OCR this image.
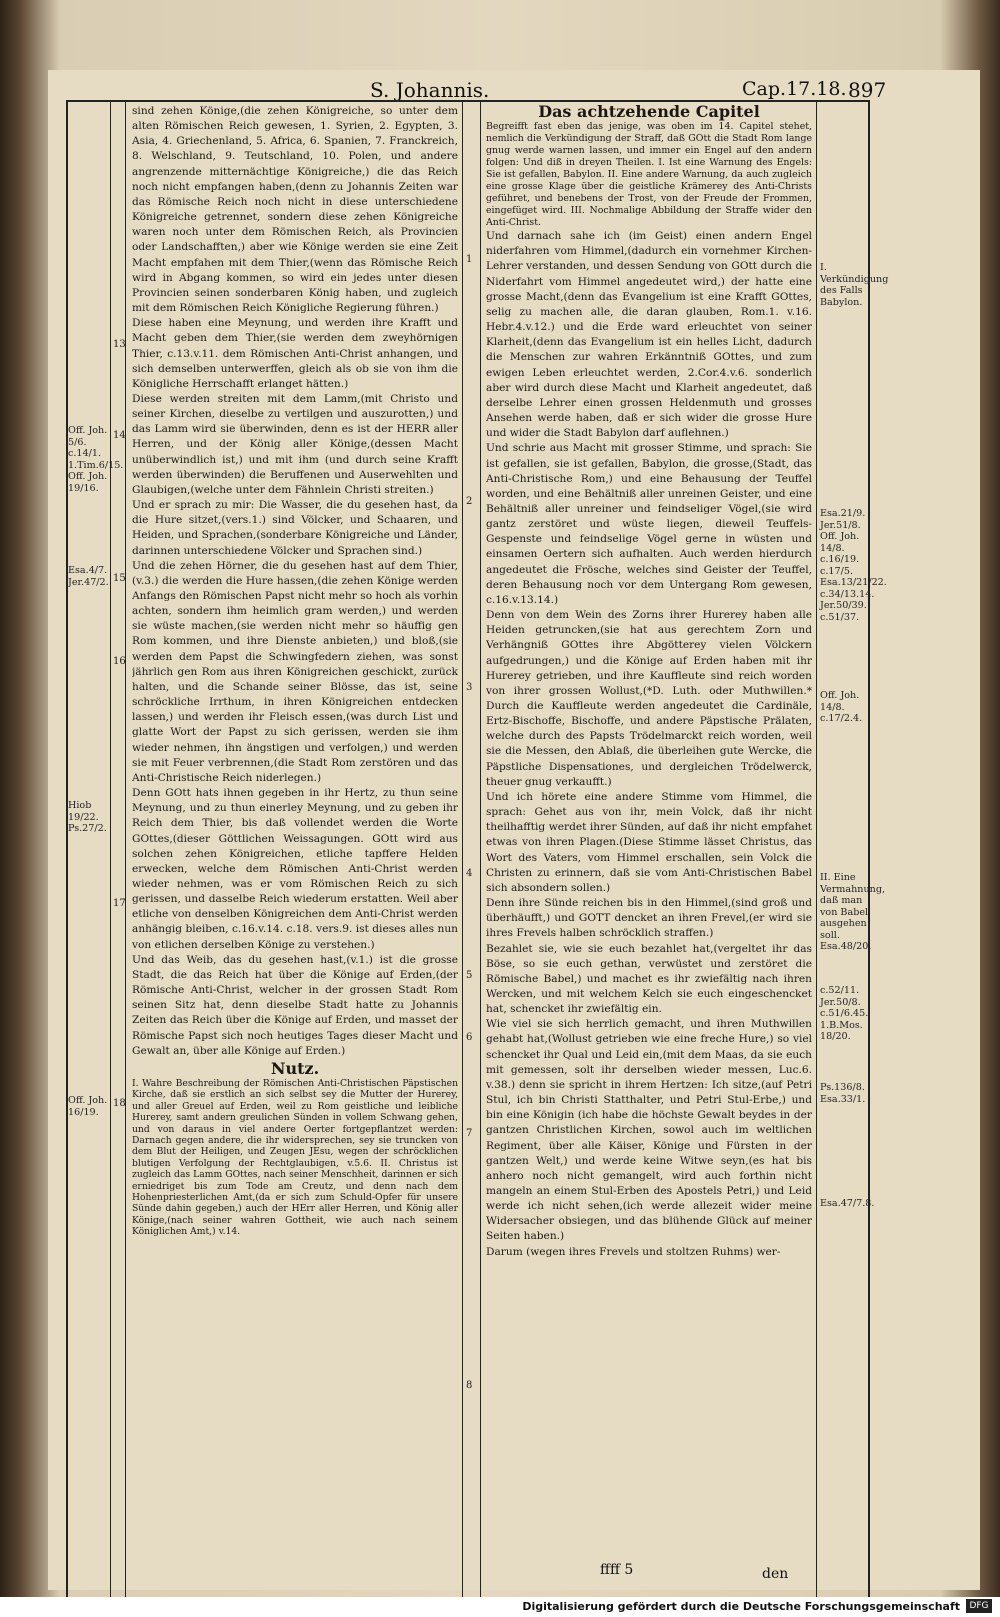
S. Johannis.	Cap.17.18. 897
Off. Joh. 5/6. c.14/1. 1.Tim.6/15. Off. Joh. 19/16.
Esa.4/7. Jer.47/2.
Hiob 19/22. Ps.27/2.
Off. Joh. 16/19.
13
14
15
16
17
18

sind zehen Könige,(die zehen Königreiche, so unter dem alten Römischen Reich gewesen, 1. Syrien, 2. Egypten, 3. Asia, 4. Griechenland, 5. Africa, 6. Spanien, 7. Franckreich, 8. Welschland, 9. Teutschland, 10. Polen, und andere angrenzende mitternächtige Königreiche,) die das Reich noch nicht empfangen haben,(denn zu Johannis Zeiten war das Römische Reich noch nicht in diese unterschiedene Königreiche getrennet, sondern diese zehen Königreiche waren noch unter dem Römischen Reich, als Provincien oder Landschafften,) aber wie Könige werden sie eine Zeit Macht empfahen mit dem Thier,(wenn das Römische Reich wird in Abgang kommen, so wird ein jedes unter diesen Provincien seinen sonderbaren König haben, und zugleich mit dem Römischen Reich Königliche Regierung führen.)

Diese haben eine Meynung, und werden ihre Krafft und Macht geben dem Thier,(sie werden dem zweyhörnigen Thier, c.13.v.11. dem Römischen Anti-Christ anhangen, und sich demselben unterwerffen, gleich als ob sie von ihm die Königliche Herrschafft erlanget hätten.)

Diese werden streiten mit dem Lamm,(mit Christo und seiner Kirchen, dieselbe zu vertilgen und auszurotten,) und das Lamm wird sie überwinden, denn es ist der HERR aller Herren, und der König aller Könige,(dessen Macht unüberwindlich ist,) und mit ihm (und durch seine Krafft werden überwinden) die Beruffenen und Auserwehlten und Glaubigen,(welche unter dem Fähnlein Christi streiten.)

Und er sprach zu mir: Die Wasser, die du gesehen hast, da die Hure sitzet,(vers.1.) sind Völcker, und Schaaren, und Heiden, und Sprachen,(sonderbare Königreiche und Länder, darinnen unterschiedene Völcker und Sprachen sind.)

Und die zehen Hörner, die du gesehen hast auf dem Thier,(v.3.) die werden die Hure hassen,(die zehen Könige werden Anfangs den Römischen Papst nicht mehr so hoch als vorhin achten, sondern ihm heimlich gram werden,) und werden sie wüste machen,(sie werden nicht mehr so häuffig gen Rom kommen, und ihre Dienste anbieten,) und bloß,(sie werden dem Papst die Schwingfedern ziehen, was sonst jährlich gen Rom aus ihren Königreichen geschickt, zurück halten, und die Schande seiner Blösse, das ist, seine schröckliche Irrthum, in ihren Königreichen entdecken lassen,) und werden ihr Fleisch essen,(was durch List und glatte Wort der Papst zu sich gerissen, werden sie ihm wieder nehmen, ihn ängstigen und verfolgen,) und werden sie mit Feuer verbrennen,(die Stadt Rom zerstören und das Anti-Christische Reich niderlegen.)

Denn GOtt hats ihnen gegeben in ihr Hertz, zu thun seine Meynung, und zu thun einerley Meynung, und zu geben ihr Reich dem Thier, bis daß vollendet werden die Worte GOttes,(dieser Göttlichen Weissagungen. GOtt wird aus solchen zehen Königreichen, etliche tapffere Helden erwecken, welche dem Römischen Anti-Christ werden wieder nehmen, was er vom Römischen Reich zu sich gerissen, und dasselbe Reich wiederum erstatten. Weil aber etliche von denselben Königreichen dem Anti-Christ werden anhängig bleiben, c.16.v.14. c.18. vers.9. ist dieses alles nun von etlichen derselben Könige zu verstehen.)

Und das Weib, das du gesehen hast,(v.1.) ist die grosse Stadt, die das Reich hat über die Könige auf Erden,(der Römische Anti-Christ, welcher in der grossen Stadt Rom seinen Sitz hat, denn dieselbe Stadt hatte zu Johannis Zeiten das Reich über die Könige auf Erden, und masset der Römische Papst sich noch heutiges Tages dieser Macht und Gewalt an, über alle Könige auf Erden.)

Nutz.

I. Wahre Beschreibung der Römischen Anti-Christischen Päpstischen Kirche, daß sie erstlich an sich selbst sey die Mutter der Hurerey, und aller Greuel auf Erden, weil zu Rom geistliche und leibliche Hurerey, samt andern greulichen Sünden in vollem Schwang gehen, und von daraus in viel andere Oerter fortgepflantzet werden: Darnach gegen andere, die ihr widersprechen, sey sie truncken von dem Blut der Heiligen, und Zeugen JEsu, wegen der schröcklichen blutigen Verfolgung der Rechtglaubigen, v.5.6. II. Christus ist zugleich das Lamm GOttes, nach seiner Menschheit, darinnen er sich erniedriget bis zum Tode am Creutz, und denn nach dem Hohenpriesterlichen Amt,(da er sich zum Schuld-Opfer für unsere Sünde dahin gegeben,) auch der HErr aller Herren, und König aller Könige,(nach seiner wahren Gottheit, wie auch nach seinem Königlichen Amt,) v.14.

1
2
3
4
5
6
7
8
Das achtzehende Capitel

Begreifft fast eben das jenige, was oben im 14. Capitel stehet, nemlich die Verkündigung der Straff, daß GOtt die Stadt Rom lange gnug werde warnen lassen, und immer ein Engel auf den andern folgen: Und diß in dreyen Theilen. I. Ist eine Warnung des Engels: Sie ist gefallen, Babylon. II. Eine andere Warnung, da auch zugleich eine grosse Klage über die geistliche Krämerey des Anti-Christs geführet, und benebens der Trost, von der Freude der Frommen, eingefüget wird. III. Nochmalige Abbildung der Straffe wider den Anti-Christ.

Und darnach sahe ich (im Geist) einen andern Engel niderfahren vom Himmel,(dadurch ein vornehmer Kirchen-Lehrer verstanden, und dessen Sendung von GOtt durch die Niderfahrt vom Himmel angedeutet wird,) der hatte eine grosse Macht,(denn das Evangelium ist eine Krafft GOttes, selig zu machen alle, die daran glauben, Rom.1. v.16. Hebr.4.v.12.) und die Erde ward erleuchtet von seiner Klarheit,(denn das Evangelium ist ein helles Licht, dadurch die Menschen zur wahren Erkänntniß GOttes, und zum ewigen Leben erleuchtet werden, 2.Cor.4.v.6. sonderlich aber wird durch diese Macht und Klarheit angedeutet, daß derselbe Lehrer einen grossen Heldenmuth und grosses Ansehen werde haben, daß er sich wider die grosse Hure und wider die Stadt Babylon darf auflehnen.)

Und schrie aus Macht mit grosser Stimme, und sprach: Sie ist gefallen, sie ist gefallen, Babylon, die grosse,(Stadt, das Anti-Christische Rom,) und eine Behausung der Teuffel worden, und eine Behältniß aller unreinen Geister, und eine Behältniß aller unreiner und feindseliger Vögel,(sie wird gantz zerstöret und wüste liegen, dieweil Teuffels-Gespenste und feindselige Vögel gerne in wüsten und einsamen Oertern sich aufhalten. Auch werden hierdurch angedeutet die Frösche, welches sind Geister der Teuffel, deren Behausung noch vor dem Untergang Rom gewesen, c.16.v.13.14.)

Denn von dem Wein des Zorns ihrer Hurerey haben alle Heiden getruncken,(sie hat aus gerechtem Zorn und Verhängniß GOttes ihre Abgötterey vielen Völckern aufgedrungen,) und die Könige auf Erden haben mit ihr Hurerey getrieben, und ihre Kauffleute sind reich worden von ihrer grossen Wollust,(*D. Luth. oder Muthwillen.* Durch die Kauffleute werden angedeutet die Cardinäle, Ertz-Bischoffe, Bischoffe, und andere Päpstische Prälaten, welche durch des Papsts Trödelmarckt reich worden, weil sie die Messen, den Ablaß, die überleihen gute Wercke, die Päpstliche Dispensationes, und dergleichen Trödelwerck, theuer gnug verkaufft.)

Und ich hörete eine andere Stimme vom Himmel, die sprach: Gehet aus von ihr, mein Volck, daß ihr nicht theilhafftig werdet ihrer Sünden, auf daß ihr nicht empfahet etwas von ihren Plagen.(Diese Stimme lässet Christus, das Wort des Vaters, vom Himmel erschallen, sein Volck die Christen zu erinnern, daß sie vom Anti-Christischen Babel sich absondern sollen.)

Denn ihre Sünde reichen bis in den Himmel,(sind groß und überhäufft,) und GOTT dencket an ihren Frevel,(er wird sie ihres Frevels halben schröcklich straffen.)

Bezahlet sie, wie sie euch bezahlet hat,(vergeltet ihr das Böse, so sie euch gethan, verwüstet und zerstöret die Römische Babel,) und machet es ihr zwiefältig nach ihren Wercken, und mit welchem Kelch sie euch eingeschencket hat, schencket ihr zwiefältig ein.

Wie viel sie sich herrlich gemacht, und ihren Muthwillen gehabt hat,(Wollust getrieben wie eine freche Hure,) so viel schencket ihr Qual und Leid ein,(mit dem Maas, da sie euch mit gemessen, solt ihr derselben wieder messen, Luc.6. v.38.) denn sie spricht in ihrem Hertzen: Ich sitze,(auf Petri Stul, ich bin Christi Statthalter, und Petri Stul-Erbe,) und bin eine Königin (ich habe die höchste Gewalt beydes in der gantzen Christlichen Kirchen, sowol auch im weltlichen Regiment, über alle Käiser, Könige und Fürsten in der gantzen Welt,) und werde keine Witwe seyn,(es hat bis anhero noch nicht gemangelt, wird auch forthin nicht mangeln an einem Stul-Erben des Apostels Petri,) und Leid werde ich nicht sehen,(ich werde allezeit wider meine Widersacher obsiegen, und das blühende Glück auf meiner Seiten haben.)

Darum (wegen ihres Frevels und stoltzen Ruhms) wer-

I. Verkündigung des Falls Babylon.
Esa.21/9. Jer.51/8. Off. Joh. 14/8. c.16/19. c.17/5. Esa.13/21/22. c.34/13.14. Jer.50/39. c.51/37.
Off. Joh. 14/8. c.17/2.4.
II. Eine Vermahnung, daß man von Babel ausgehen soll. Esa.48/20.
c.52/11. Jer.50/8. c.51/6.45. 1.B.Mos. 18/20.
Ps.136/8. Esa.33/1.
Esa.47/7.8.
ffff 5	den
Digitalisierung gefördert durch die Deutsche Forschungsgemeinschaft	DFG
